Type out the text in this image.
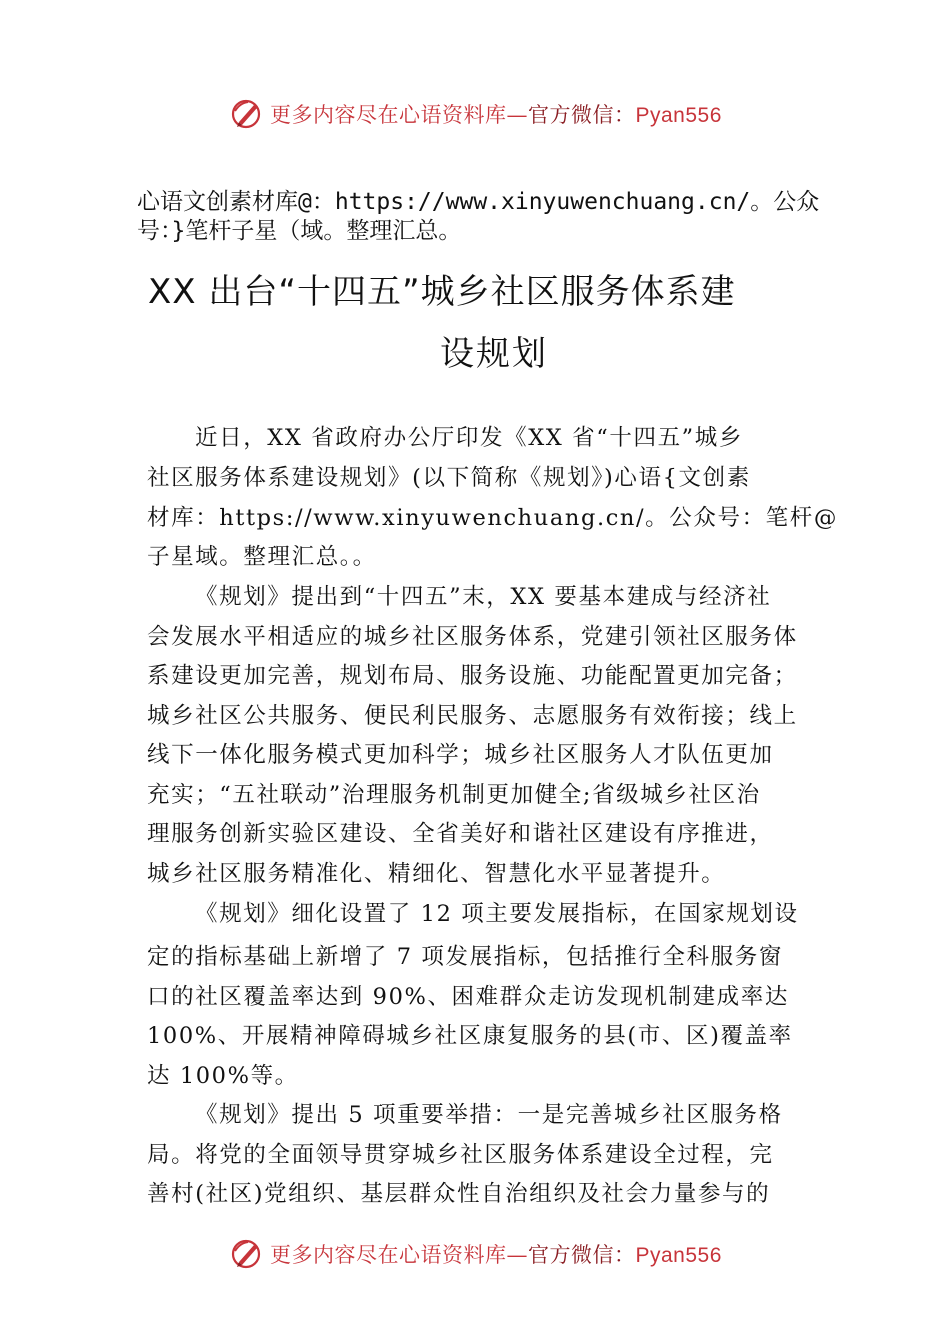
更多内容尽在心语资料库—官方微信：Pyan556
心语文创素材库@：https://www.xinyuwenchuang.cn/。公众
号：}笔杆子星（域。整理汇总。
XX 出台“十四五”城乡社区服务体系建
设规划
近日，XX 省政府办公厅印发《XX 省“十四五”城乡
社区服务体系建设规划》(以下简称《规划》)心语{文创素
材库：https://www.xinyuwenchuang.cn/。公众号：笔杆@
子星域。整理汇总。。
《规划》提出到“十四五”末，XX 要基本建成与经济社
会发展水平相适应的城乡社区服务体系，党建引领社区服务体
系建设更加完善，规划布局、服务设施、功能配置更加完备；
城乡社区公共服务、便民利民服务、志愿服务有效衔接；线上
线下一体化服务模式更加科学；城乡社区服务人才队伍更加
充实；“五社联动”治理服务机制更加健全;省级城乡社区治
理服务创新实验区建设、全省美好和谐社区建设有序推进，
城乡社区服务精准化、精细化、智慧化水平显著提升。
《规划》细化设置了 12 项主要发展指标，在国家规划设
定的指标基础上新增了 7 项发展指标，包括推行全科服务窗
口的社区覆盖率达到 90%、困难群众走访发现机制建成率达
100%、开展精神障碍城乡社区康复服务的县(市、区)覆盖率
达 100%等。
《规划》提出 5 项重要举措：一是完善城乡社区服务格
局。将党的全面领导贯穿城乡社区服务体系建设全过程，完
善村(社区)党组织、基层群众性自治组织及社会力量参与的
更多内容尽在心语资料库—官方微信：Pyan556
